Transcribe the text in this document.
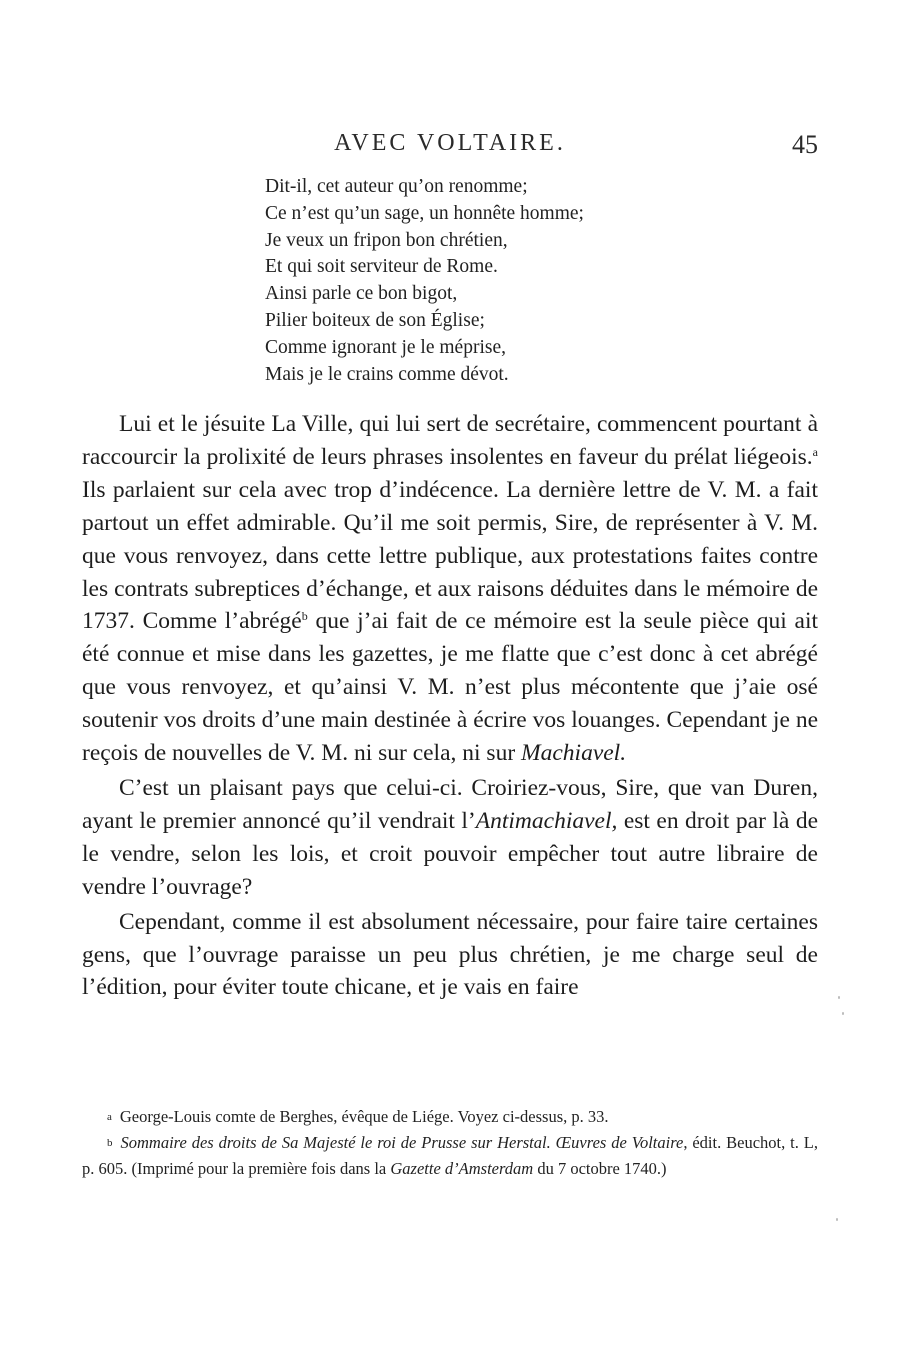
AVEC VOLTAIRE.	45
Dit-il, cet auteur qu’on renomme;
Ce n’est qu’un sage, un honnête homme;
Je veux un fripon bon chrétien,
Et qui soit serviteur de Rome.
Ainsi parle ce bon bigot,
Pilier boiteux de son Église;
Comme ignorant je le méprise,
Mais je le crains comme dévot.

Lui et le jésuite La Ville, qui lui sert de secrétaire, commencent pourtant à raccourcir la prolixité de leurs phrases insolentes en faveur du prélat liégeois.$^a$ Ils parlaient sur cela avec trop d’indécence. La dernière lettre de V. M. a fait partout un effet admirable. Qu’il me soit permis, Sire, de représenter à V. M. que vous renvoyez, dans cette lettre publique, aux protestations faites contre les contrats subreptices d’échange, et aux raisons déduites dans le mémoire de 1737. Comme l’abrégé$^b$ que j’ai fait de ce mémoire est la seule pièce qui ait été connue et mise dans les gazettes, je me flatte que c’est donc à cet abrégé que vous renvoyez, et qu’ainsi V. M. n’est plus mécontente que j’aie osé soutenir vos droits d’une main destinée à écrire vos louanges. Cependant je ne reçois de nouvelles de V. M. ni sur cela, ni sur Machiavel.

C’est un plaisant pays que celui-ci. Croiriez-vous, Sire, que van Duren, ayant le premier annoncé qu’il vendrait l’Antimachiavel, est en droit par là de le vendre, selon les lois, et croit pouvoir empêcher tout autre libraire de vendre l’ouvrage?

Cependant, comme il est absolument nécessaire, pour faire taire certaines gens, que l’ouvrage paraisse un peu plus chrétien, je me charge seul de l’édition, pour éviter toute chicane, et je vais en faire

a George-Louis comte de Berghes, évêque de Liége. Voyez ci-dessus, p. 33.

b Sommaire des droits de Sa Majesté le roi de Prusse sur Herstal. Œuvres de Voltaire, édit. Beuchot, t. L, p. 605. (Imprimé pour la première fois dans la Gazette d’Amsterdam du 7 octobre 1740.)
